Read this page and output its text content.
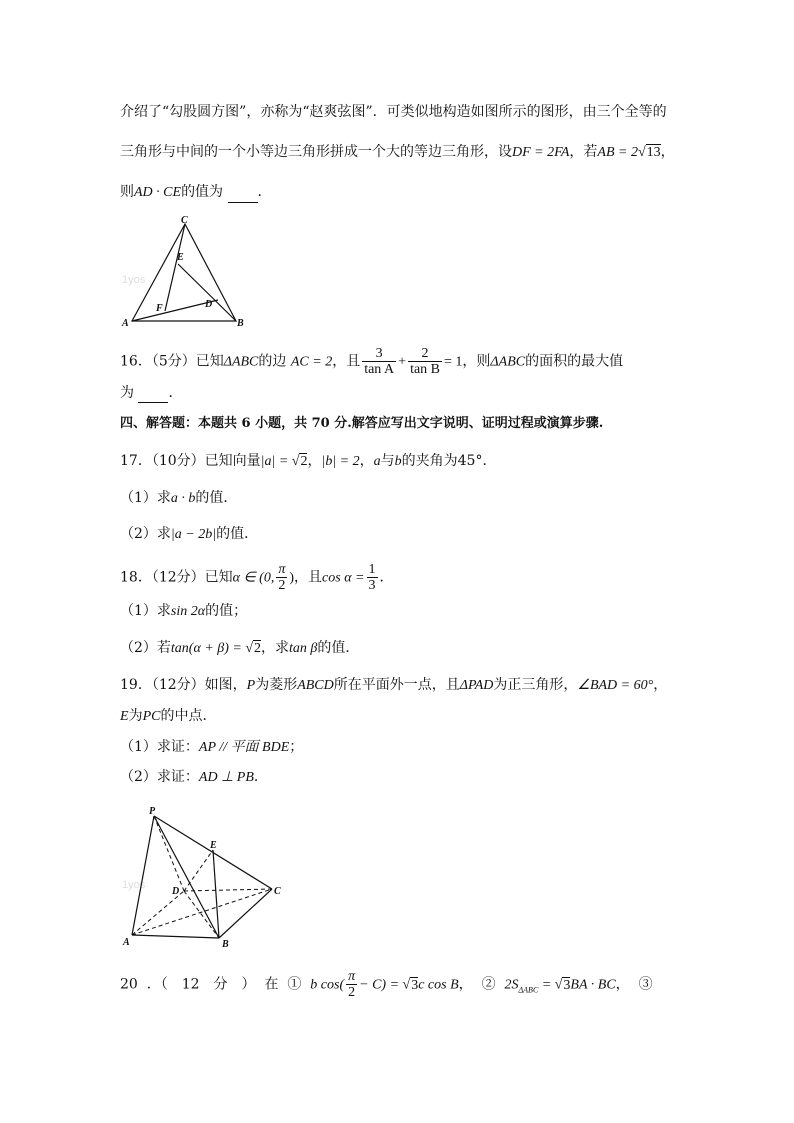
介绍了“勾股圆方图”，亦称为“赵爽弦图”．可类似地构造如图所示的图形，由三个全等的
三角形与中间的一个小等边三角形拼成一个大的等边三角形，设DF = 2FA，若AB = 2√13，
则AD · CE的值为 ．
1yos
C
E
F	D
A	B
16．（5分）已知ΔABC的边 AC = 2，且 $\frac{3}{\text{tan A}} + \frac{2}{\text{tan B}} = 1$，则ΔABC的面积的最大值
为 ．
四、解答题：本题共 6 小题，共 70 分.解答应写出文字说明、证明过程或演算步骤.
17．（10分）已知向量|a| = √2，|b| = 2，a与b的夹角为45°．
（1）求a · b的值．
（2）求|a − 2b|的值．
18．（12分）已知α ∈ (0, $\frac{\pi}{2}$ )，且$\cos \alpha = \frac{1}{3}$ ．
（1）求sin 2α的值；
（2）若tan(α + β) = √2，求tan β的值．
19．（12分）如图，P为菱形ABCD所在平面外一点，且ΔPAD为正三角形，∠BAD = 60°，
E为PC的中点．
（1）求证：AP // 平面 BDE；
（2）求证：AD ⊥ PB．
1yos
P
E
D	C
A	B
20 ．（　12　分　） 在 ① b $\cos( \frac{\pi}{2} - C) = √3c$ cos B， ② $2S_{\Delta ABC} = √3BA$ · BC， ③
